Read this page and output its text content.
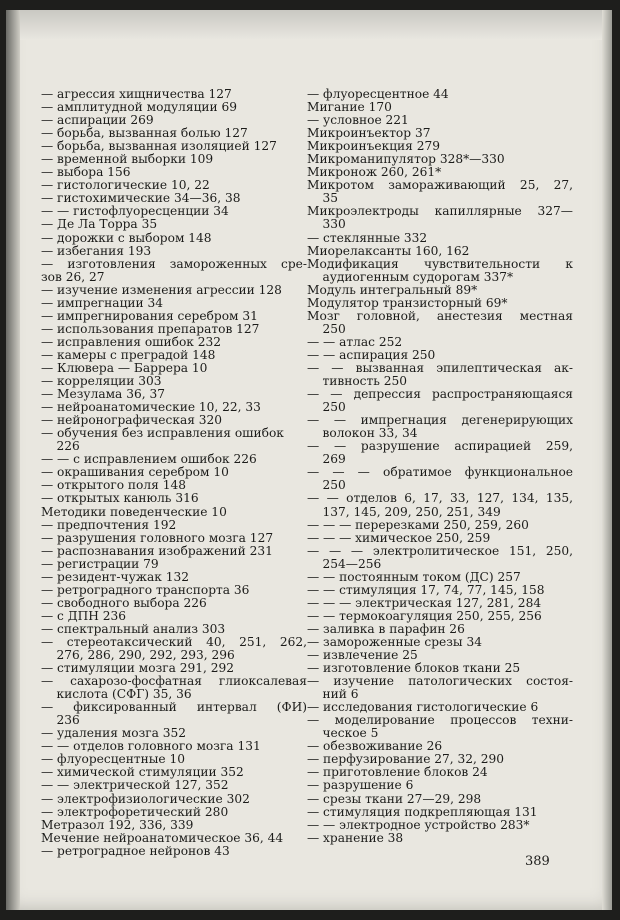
— агрессия хищничества 127
— амплитудной модуляции 69
— аспирации 269
— борьба, вызванная болью 127
— борьба, вызванная изоляцией 127
— временной выборки 109
— выбора 156
— гистологические 10, 22
— гистохимические 34—36, 38
— — гистофлуоресценции 34
— Де Ла Торра 35
— дорожки с выбором 148
— избегания 193
— изготовления замороженных сре-
зов 26, 27
— изучение изменения агрессии 128
— импрегнации 34
— импрегнирования серебром 31
— использования препаратов 127
— исправления ошибок 232
— камеры с преградой 148
— Клювера — Баррера 10
— корреляции 303
— Мезулама 36, 37
— нейроанатомические 10, 22, 33
— нейронографическая 320
— обучения без исправления ошибок
226
— — с исправлением ошибок 226
— окрашивания серебром 10
— открытого поля 148
— открытых канюль 316
Методики поведенческие 10
— предпочтения 192
— разрушения головного мозга 127
— распознавания изображений 231
— регистрации 79
— резидент-чужак 132
— ретроградного транспорта 36
— свободного выбора 226
— с ДПН 236
— спектральный анализ 303
— стереотаксический 40, 251, 262,
276, 286, 290, 292, 293, 296
— стимуляции мозга 291, 292
— сахарозо-фосфатная глиоксалевая
кислота (СФГ) 35, 36
— фиксированный интервал (ФИ)
236
— удаления мозга 352
— — отделов головного мозга 131
— флуоресцентные 10
— химической стимуляции 352
— — электрической 127, 352
— электрофизиологические 302
— электрофоретический 280
Метразол 192, 336, 339
Мечение нейроанатомическое 36, 44
— ретроградное нейронов 43
— флуоресцентное 44
Мигание 170
— условное 221
Микроинъектор 37
Микроинъекция 279
Микроманипулятор 328*—330
Микронож 260, 261*
Микротом замораживающий 25, 27,
35
Микроэлектроды капиллярные 327—
330
— стеклянные 332
Миорелаксанты 160, 162
Модификация чувствительности к
аудиогенным судорогам 337*
Модуль интегральный 89*
Модулятор транзисторный 69*
Мозг головной, анестезия местная
250
— — атлас 252
— — аспирация 250
— — вызванная эпилептическая ак-
тивность 250
— — депрессия распространяющаяся
250
— — импрегнация дегенерирующих
волокон 33, 34
— — разрушение аспирацией 259,
269
— — — обратимое функциональное
250
— — отделов 6, 17, 33, 127, 134, 135,
137, 145, 209, 250, 251, 349
— — — перерезками 250, 259, 260
— — — химическое 250, 259
— — — электролитическое 151, 250,
254—256
— — постоянным током (ДС) 257
— — стимуляция 17, 74, 77, 145, 158
— — — электрическая 127, 281, 284
— — термокоагуляция 250, 255, 256
— заливка в парафин 26
— замороженные срезы 34
— извлечение 25
— изготовление блоков ткани 25
— изучение патологических состоя-
ний 6
— исследования гистологические 6
— моделирование процессов техни-
ческое 5
— обезвоживание 26
— перфузирование 27, 32, 290
— приготовление блоков 24
— разрушение 6
— срезы ткани 27—29, 298
— стимуляция подкрепляющая 131
— — электродное устройство 283*
— хранение 38
389
